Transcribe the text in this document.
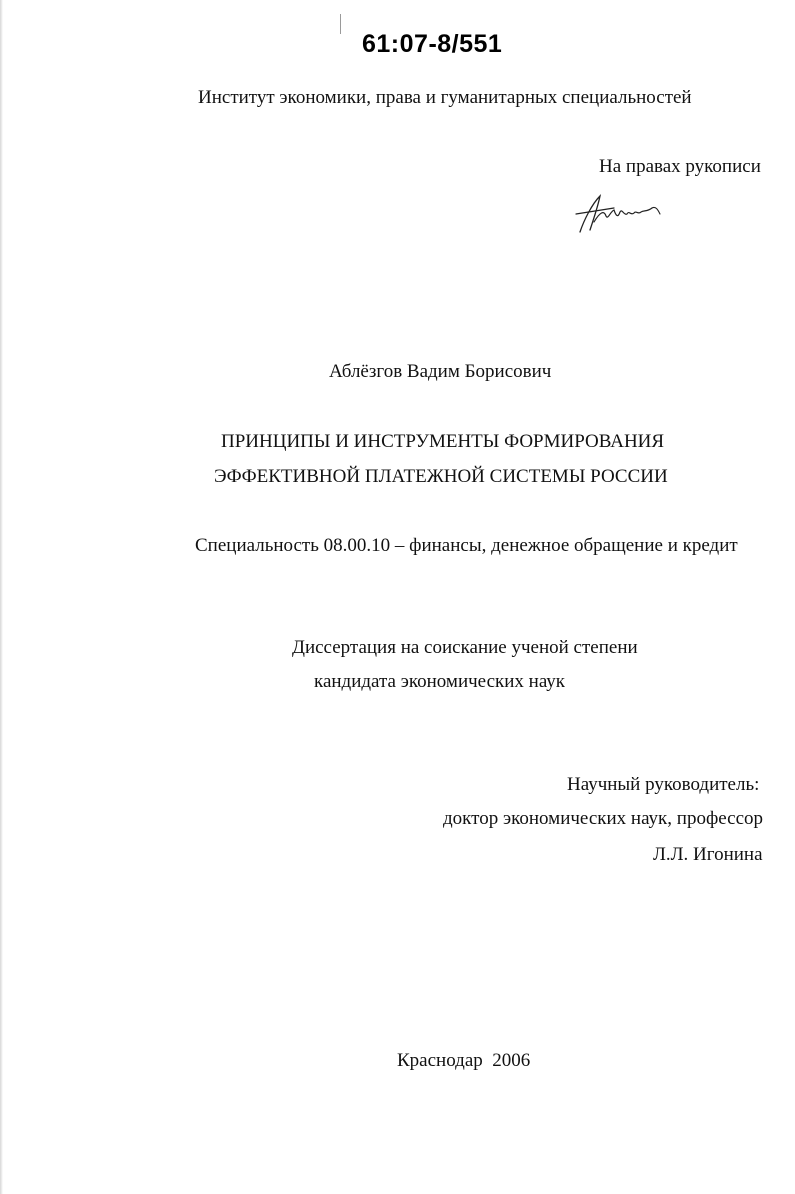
61:07-8/551
Институт экономики, права и гуманитарных специальностей
На правах рукописи
Аблёзгов Вадим Борисович
ПРИНЦИПЫ И ИНСТРУМЕНТЫ ФОРМИРОВАНИЯ
ЭФФЕКТИВНОЙ ПЛАТЕЖНОЙ СИСТЕМЫ РОССИИ
Специальность 08.00.10 – финансы, денежное обращение и кредит
Диссертация на соискание ученой степени
кандидата экономических наук
Научный руководитель:
доктор экономических наук, профессор
Л.Л. Игонина
Краснодар  2006
